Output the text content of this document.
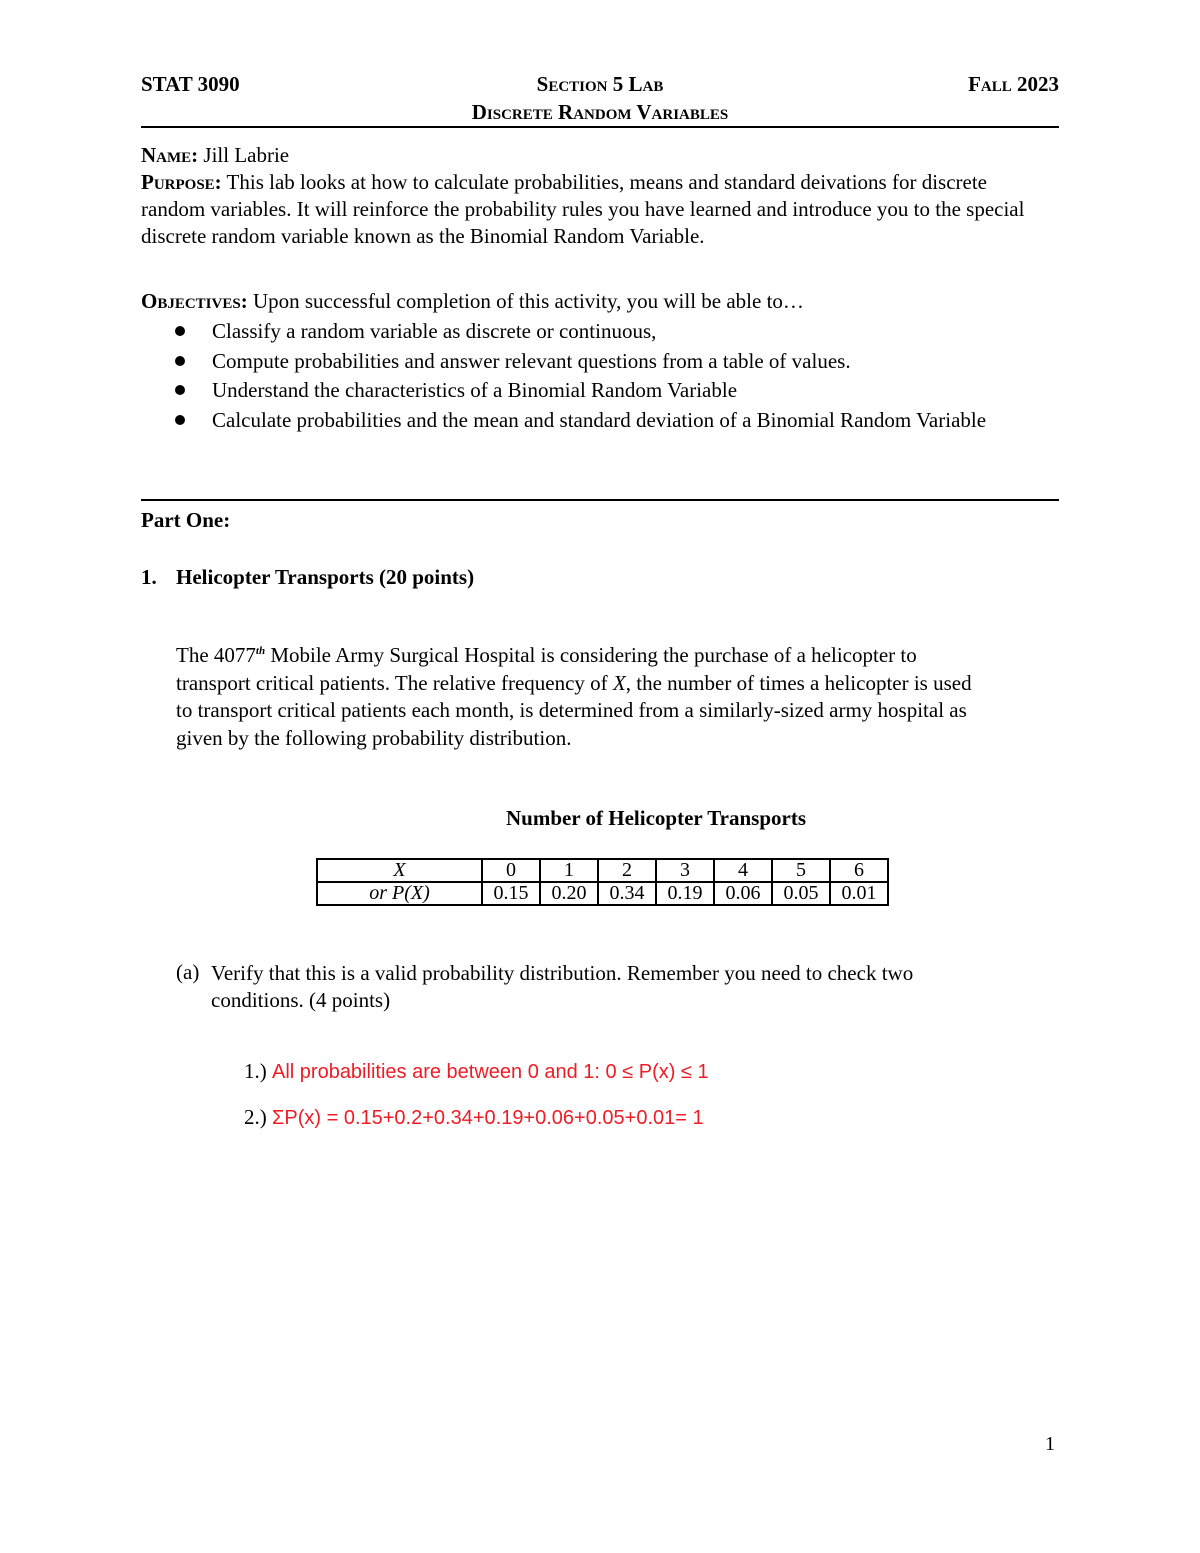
STAT 3090	Section 5 Lab	Fall 2023
Discrete Random Variables
Name: Jill Labrie
Purpose: This lab looks at how to calculate probabilities, means and standard deivations for discrete random variables. It will reinforce the probability rules you have learned and introduce you to the special discrete random variable known as the Binomial Random Variable.
Objectives: Upon successful completion of this activity, you will be able to…
Classify a random variable as discrete or continuous,
Compute probabilities and answer relevant questions from a table of values.
Understand the characteristics of a Binomial Random Variable
Calculate probabilities and the mean and standard deviation of a Binomial Random Variable
Part One:
1. Helicopter Transports (20 points)
The 4077th Mobile Army Surgical Hospital is considering the purchase of a helicopter to transport critical patients. The relative frequency of X, the number of times a helicopter is used to transport critical patients each month, is determined from a similarly-sized army hospital as given by the following probability distribution.
Number of Helicopter Transports
X	0	1	2	3	4	5	6
or P(X)	0.15	0.20	0.34	0.19	0.06	0.05	0.01
(a) Verify that this is a valid probability distribution. Remember you need to check two conditions. (4 points)
1.) All probabilities are between 0 and 1: 0 ≤ P(x) ≤ 1
2.) ΣP(x) = 0.15+0.2+0.34+0.19+0.06+0.05+0.01= 1
1
